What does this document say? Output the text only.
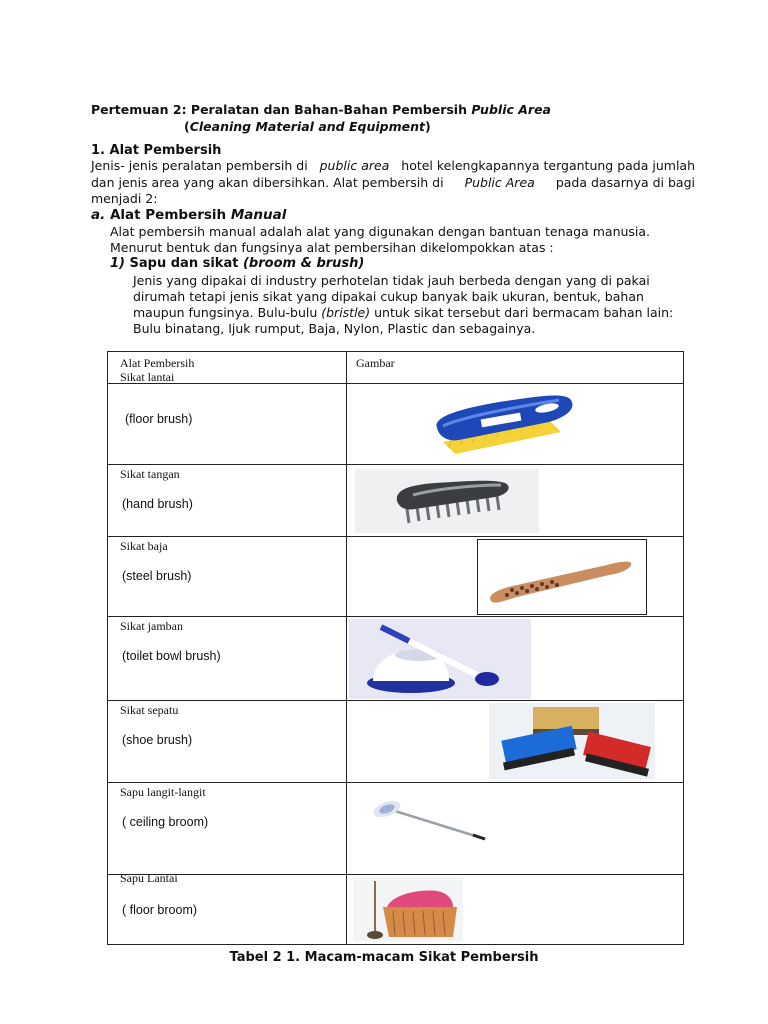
Pertemuan 2: Peralatan dan Bahan-Bahan Pembersih Public Area
(Cleaning Material and Equipment)
1. Alat Pembersih
Jenis- jenis peralatan pembersih di public area hotel kelengkapannya tergantung pada jumlah
dan jenis area yang akan dibersihkan. Alat pembersih di Public Area pada dasarnya di bagi
menjadi 2:
a. Alat Pembersih Manual
Alat pembersih manual adalah alat yang digunakan dengan bantuan tenaga manusia.
Menurut bentuk dan fungsinya alat pembersihan dikelompokkan atas :
1) Sapu dan sikat (broom & brush)
Jenis yang dipakai di industry perhotelan tidak jauh berbeda dengan yang di pakai
dirumah tetapi jenis sikat yang dipakai cukup banyak baik ukuran, bentuk, bahan
maupun fungsinya. Bulu-bulu (bristle) untuk sikat tersebut dari bermacam bahan lain:
Bulu binatang, Ijuk rumput, Baja, Nylon, Plastic dan sebagainya.
Alat Pembersih	Gambar

Sikat lantai
(floor brush)

Sikat tangan
(hand brush)

Sikat baja
(steel brush)

Sikat jamban
(toilet bowl brush)

Sikat sepatu
(shoe brush)

Sapu langit-langit
( ceiling broom)

Sapu Lantai
( floor broom)

Tabel 2 1. Macam-macam Sikat Pembersih
